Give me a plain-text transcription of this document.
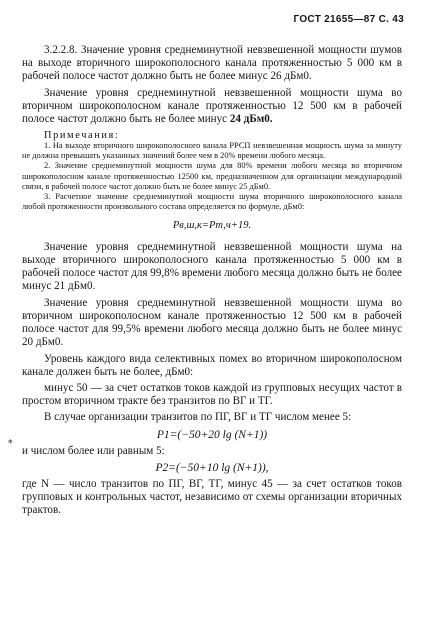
ГОСТ 21655—87 С. 43
⁎

3.2.2.8. Значение уровня среднеминутной невзвешенной мощности шумов на выходе вторичного широкополосного канала протяженностью 5 000 км в рабочей полосе частот должно быть не более минус 26 дБм0.

Значение уровня среднеминутной невзвешенной мощности шума во вторичном широкополосном канале протяженностью 12 500 км в рабочей полосе частот должно быть не более минус 24 дБм0.

Примечания:

1. На выходе вторичного широкополосного канала РРСП невзвешенная мощность шума за минуту не должна превышать указанных значений более чем в 20% времени любого месяца.

2. Значение среднеминутной мощности шума для 80% времени любого месяца во вторичном широкополосном канале протяженностью 12500 км, предназначенном для организации международной связи, в рабочей полосе частот должно быть не более минус 25 дБм0.

3. Расчетное значение среднеминутной мощности шума вторичного широкополосного канала любой протяженности произвольного состава определяется по формуле, дБм0:

Pв,ш,к=Pт,ч+19.

Значение уровня среднеминутной невзвешенной мощности шума на выходе вторичного широкополосного канала протяженностью 5 000 км в рабочей полосе частот для 99,8% времени любого месяца должно быть не более минус 21 дБм0.

Значение уровня среднеминутной невзвешенной мощности шума во вторичном широкополосном канале протяженностью 12 500 км в рабочей полосе частот для 99,5% времени любого месяца должно быть не более минус 20 дБм0.

Уровень каждого вида селективных помех во вторичном широкополосном канале должен быть не более, дБм0:

минус 50 — за счет остатков токов каждой из групповых несущих частот в простом вторичном тракте без транзитов по ВГ и ТГ.

В случае организации транзитов по ПГ, ВГ и ТГ числом менее 5:

P1=(−50+20 lg (N+1))

и числом более или равным 5:

P2=(−50+10 lg (N+1)),

где N — число транзитов по ПГ, ВГ, ТГ, минус 45 — за счет остатков токов групповых и контрольных частот, независимо от схемы организации вторичных трактов.
